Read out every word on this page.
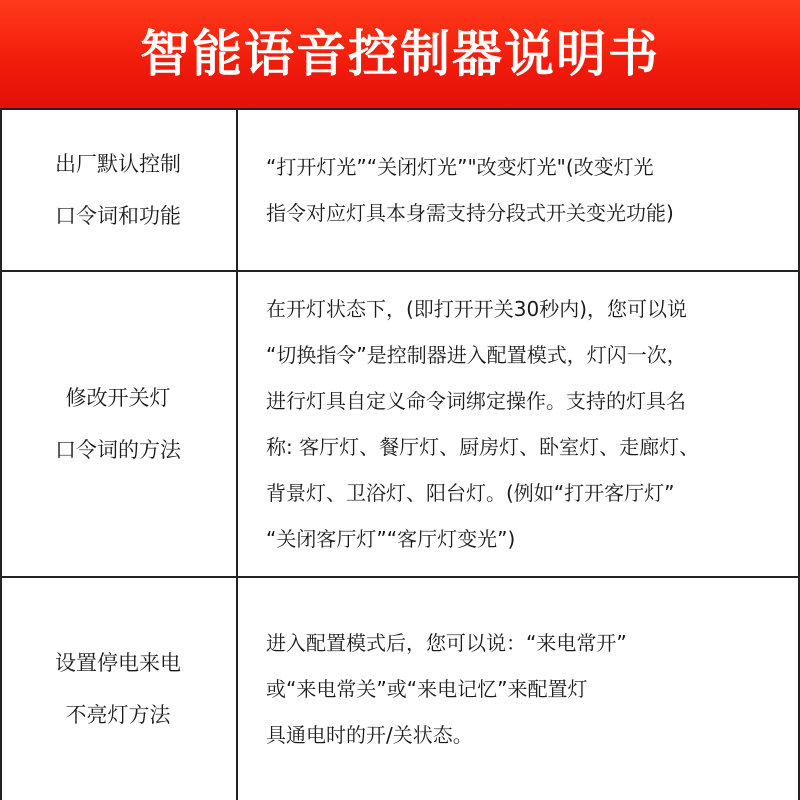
智能语音控制器说明书
出厂默认控制
口令词和功能
“打开灯光”“关闭灯光”"改变灯光"(改变灯光
指令对应灯具本身需支持分段式开关变光功能)
修改开关灯
口令词的方法
在开灯状态下，(即打开开关30秒内)，您可以说
“切换指令”是控制器进入配置模式，灯闪一次，
进行灯具自定义命令词绑定操作。支持的灯具名
称: 客厅灯、餐厅灯、厨房灯、卧室灯、走廊灯、
背景灯、卫浴灯、阳台灯。(例如“打开客厅灯”
“关闭客厅灯”“客厅灯变光”)
设置停电来电
不亮灯方法
进入配置模式后，您可以说：“来电常开”
或“来电常关”或“来电记忆”来配置灯
具通电时的开/关状态。
